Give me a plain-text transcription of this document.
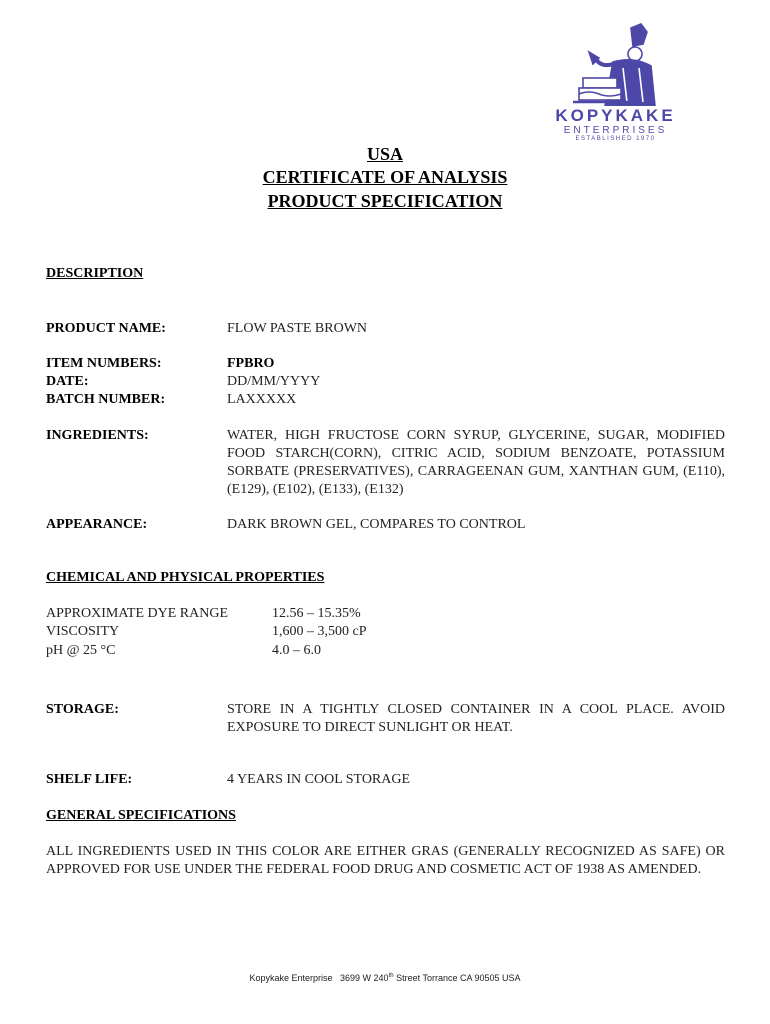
KOPYKAKE
ENTERPRISES
ESTABLISHED 1970
USA
CERTIFICATE OF ANALYSIS
PRODUCT SPECIFICATION
DESCRIPTION
PRODUCT NAME:	FLOW PASTE BROWN
ITEM NUMBERS:	FPBRO
DATE:	DD/MM/YYYY
BATCH NUMBER:	LAXXXXX
INGREDIENTS:	WATER, HIGH FRUCTOSE CORN SYRUP, GLYCERINE, SUGAR, MODIFIED FOOD STARCH(CORN), CITRIC ACID, SODIUM BENZOATE, POTASSIUM SORBATE (PRESERVATIVES), CARRAGEENAN GUM, XANTHAN GUM, (E110), (E129), (E102), (E133), (E132)
APPEARANCE:	DARK BROWN GEL, COMPARES TO CONTROL
CHEMICAL AND PHYSICAL PROPERTIES
APPROXIMATE DYE RANGE	12.56 – 15.35%
VISCOSITY	1,600 – 3,500 cP
pH @ 25 °C	4.0 – 6.0
STORAGE:	STORE IN A TIGHTLY CLOSED CONTAINER IN A COOL PLACE. AVOID EXPOSURE TO DIRECT SUNLIGHT OR HEAT.
SHELF LIFE:	4 YEARS IN COOL STORAGE
GENERAL SPECIFICATIONS
ALL INGREDIENTS USED IN THIS COLOR ARE EITHER GRAS (GENERALLY RECOGNIZED AS SAFE) OR APPROVED FOR USE UNDER THE FEDERAL FOOD DRUG AND COSMETIC ACT OF 1938 AS AMENDED.
Kopykake Enterprise 3699 W 240th Street Torrance CA 90505 USA
